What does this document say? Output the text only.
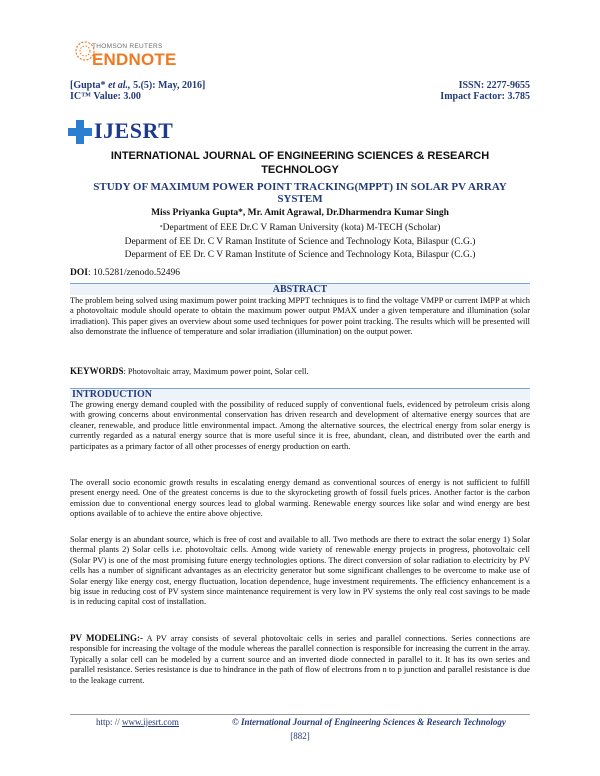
THOMSON REUTERS
ENDNOTE
[Gupta* et al., 5.(5): May, 2016]
IC™ Value: 3.00
ISSN: 2277-9655
Impact Factor: 3.785
IJESRT
INTERNATIONAL JOURNAL OF ENGINEERING SCIENCES & RESEARCH
TECHNOLOGY
STUDY OF MAXIMUM POWER POINT TRACKING(MPPT) IN SOLAR PV ARRAY
SYSTEM
Miss Priyanka Gupta*, Mr. Amit Agrawal, Dr.Dharmendra Kumar Singh
*Department of EEE Dr.C V Raman University (kota) M-TECH (Scholar)
Deparment of EE Dr. C V Raman Institute of Science and Technology Kota, Bilaspur (C.G.)
Deparment of EE Dr. C V Raman Institute of Science and Technology Kota, Bilaspur (C.G.)
DOI: 10.5281/zenodo.52496
ABSTRACT
The problem being solved using maximum power point tracking MPPT techniques is to find the voltage VMPP or current IMPP at which a photovoltaic module should operate to obtain the maximum power output PMAX under a given temperature and illumination (solar irradiation). This paper gives an overview about some used techniques for power point tracking. The results which will be presented will also demonstrate the influence of temperature and solar irradiation (illumination) on the output power.
KEYWORDS: Photovoltaic array, Maximum power point, Solar cell.
INTRODUCTION
The growing energy demand coupled with the possibility of reduced supply of conventional fuels, evidenced by petroleum crisis along with growing concerns about environmental conservation has driven research and development of alternative energy sources that are cleaner, renewable, and produce little environmental impact. Among the alternative sources, the electrical energy from solar energy is currently regarded as a natural energy source that is more useful since it is free, abundant, clean, and distributed over the earth and participates as a primary factor of all other processes of energy production on earth.
The overall socio economic growth results in escalating energy demand as conventional sources of energy is not sufficient to fulfill present energy need. One of the greatest concerns is due to the skyrocketing growth of fossil fuels prices. Another factor is the carbon emission due to conventional energy sources lead to global warming. Renewable energy sources like solar and wind energy are best options available of to achieve the entire above objective.
Solar energy is an abundant source, which is free of cost and available to all. Two methods are there to extract the solar energy 1) Solar thermal plants 2) Solar cells i.e. photovoltaic cells. Among wide variety of renewable energy projects in progress, photovoltaic cell (Solar PV) is one of the most promising future energy technologies options. The direct conversion of solar radiation to electricity by PV cells has a number of significant advantages as an electricity generator but some significant challenges to be overcome to make use of Solar energy like energy cost, energy fluctuation, location dependence, huge investment requirements. The efficiency enhancement is a big issue in reducing cost of PV system since maintenance requirement is very low in PV systems the only real cost savings to be made is in reducing capital cost of installation.
PV MODELING:- A PV array consists of several photovoltaic cells in series and parallel connections. Series connections are responsible for increasing the voltage of the module whereas the parallel connection is responsible for increasing the current in the array. Typically a solar cell can be modeled by a current source and an inverted diode connected in parallel to it. It has its own series and parallel resistance. Series resistance is due to hindrance in the path of flow of electrons from n to p junction and parallel resistance is due to the leakage current.
http: // www.ijesrt.com	© International Journal of Engineering Sciences & Research Technology
[882]
